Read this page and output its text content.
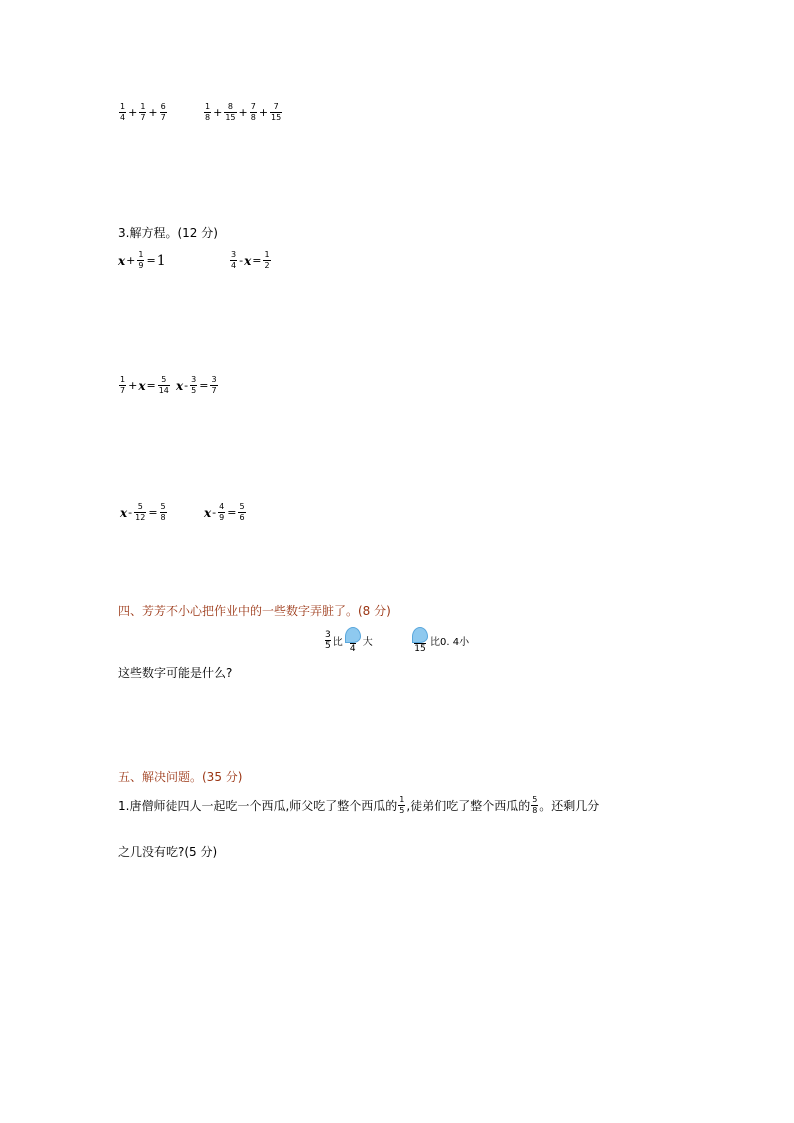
$\frac{1}{4} + \frac{1}{7} + \frac{6}{7}$	$\frac{1}{8} + \frac{8}{15} + \frac{7}{8} + \frac{7}{15}$
3.解方程。(12 分)
$x + \frac{1}{9} = 1$	$\frac{3}{4} - x = \frac{1}{2}$
$\frac{1}{7} + x = \frac{5}{14}$ $x - \frac{3}{5} = \frac{3}{7}$
$x - \frac{5}{12} = \frac{5}{8}$	$x - \frac{4}{9} = \frac{5}{6}$
四、芳芳不小心把作业中的一些数字弄脏了。(8 分)
$\frac{3}{5}$ 比
4
大
15
比0. 4小
这些数字可能是什么?
五、解决问题。(35 分)
1.唐僧师徒四人一起吃一个西瓜,师父吃了整个西瓜的 $\frac{1}{5}$ ,徒弟们吃了整个西瓜的 $\frac{5}{8}$ 。还剩几分
之几没有吃?(5 分)
